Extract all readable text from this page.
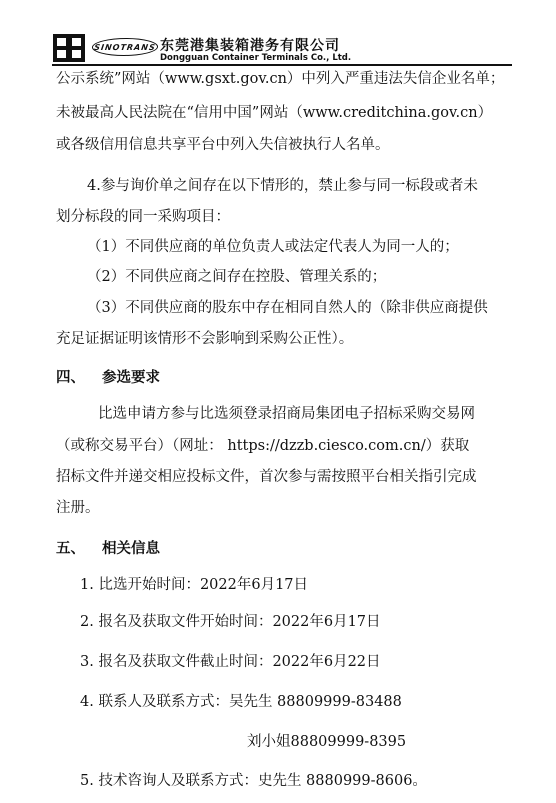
SINOTRANS 东莞港集装箱港务有限公司
Dongguan Container Terminals Co., Ltd.
公示系统”网站（www.gsxt.gov.cn）中列入严重违法失信企业名单；
未被最高人民法院在“信用中国”网站（www.creditchina.gov.cn）
或各级信用信息共享平台中列入失信被执行人名单。
4.参与询价单之间存在以下情形的，禁止参与同一标段或者未
划分标段的同一采购项目：
（1）不同供应商的单位负责人或法定代表人为同一人的；
（2）不同供应商之间存在控股、管理关系的；
（3）不同供应商的股东中存在相同自然人的（除非供应商提供
充足证据证明该情形不会影响到采购公正性）。
四、 参选要求
比选申请方参与比选须登录招商局集团电子招标采购交易网
（或称交易平台）（网址： https://dzzb.ciesco.com.cn/）获取
招标文件并递交相应投标文件，首次参与需按照平台相关指引完成
注册。
五、 相关信息
1. 比选开始时间：2022年6月17日
2. 报名及获取文件开始时间：2022年6月17日
3. 报名及获取文件截止时间：2022年6月22日
4. 联系人及联系方式：吴先生 88809999-83488
刘小姐88809999-8395
5. 技术咨询人及联系方式：史先生 8880999-8606。
